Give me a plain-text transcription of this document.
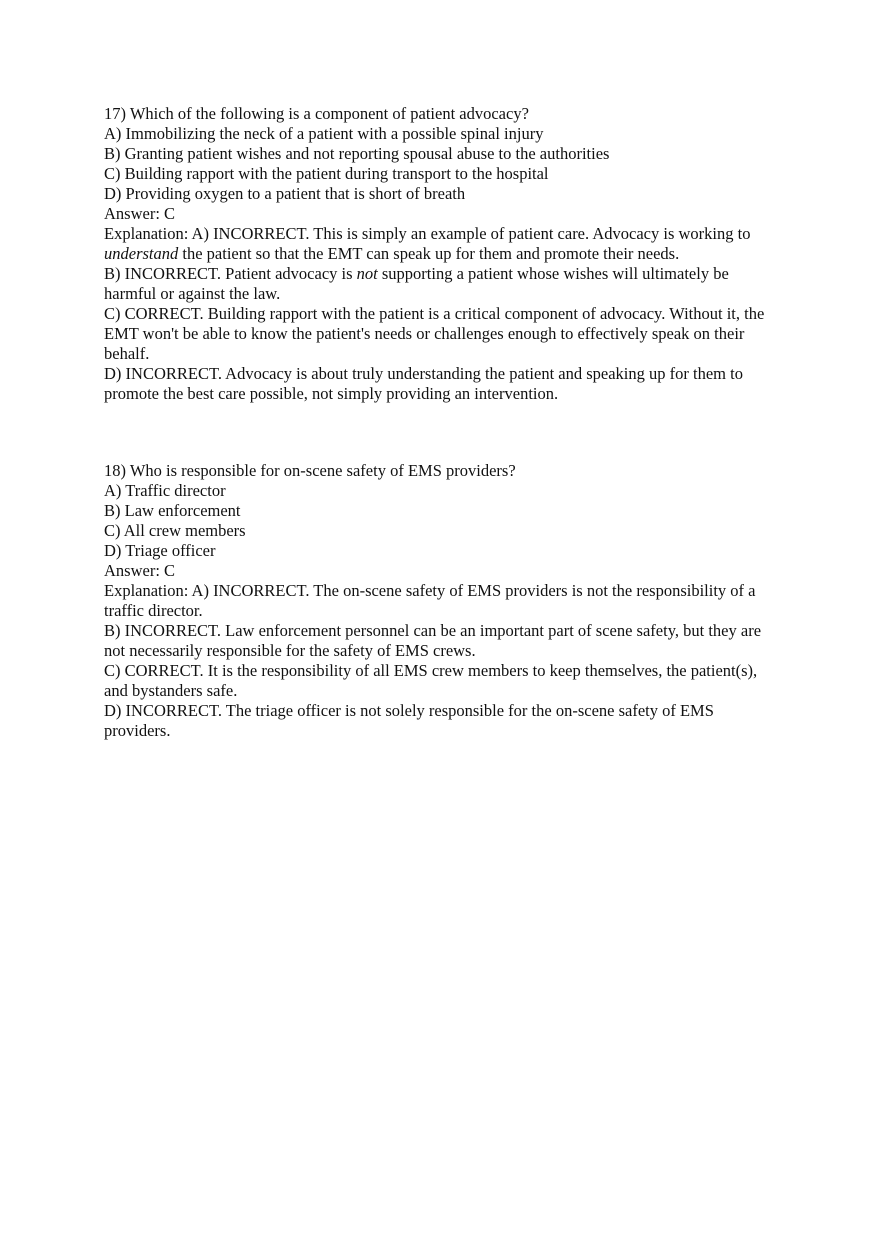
17) Which of the following is a component of patient advocacy?
A) Immobilizing the neck of a patient with a possible spinal injury
B) Granting patient wishes and not reporting spousal abuse to the authorities
C) Building rapport with the patient during transport to the hospital
D) Providing oxygen to a patient that is short of breath
Answer: C
Explanation: A) INCORRECT. This is simply an example of patient care. Advocacy is working to understand the patient so that the EMT can speak up for them and promote their needs.
B) INCORRECT. Patient advocacy is not supporting a patient whose wishes will ultimately be harmful or against the law.
C) CORRECT. Building rapport with the patient is a critical component of advocacy. Without it, the EMT won't be able to know the patient's needs or challenges enough to effectively speak on their behalf.
D) INCORRECT. Advocacy is about truly understanding the patient and speaking up for them to promote the best care possible, not simply providing an intervention.
18) Who is responsible for on-scene safety of EMS providers?
A) Traffic director
B) Law enforcement
C) All crew members
D) Triage officer
Answer: C
Explanation: A) INCORRECT. The on-scene safety of EMS providers is not the responsibility of a traffic director.
B) INCORRECT. Law enforcement personnel can be an important part of scene safety, but they are not necessarily responsible for the safety of EMS crews.
C) CORRECT. It is the responsibility of all EMS crew members to keep themselves, the patient(s), and bystanders safe.
D) INCORRECT. The triage officer is not solely responsible for the on-scene safety of EMS providers.
